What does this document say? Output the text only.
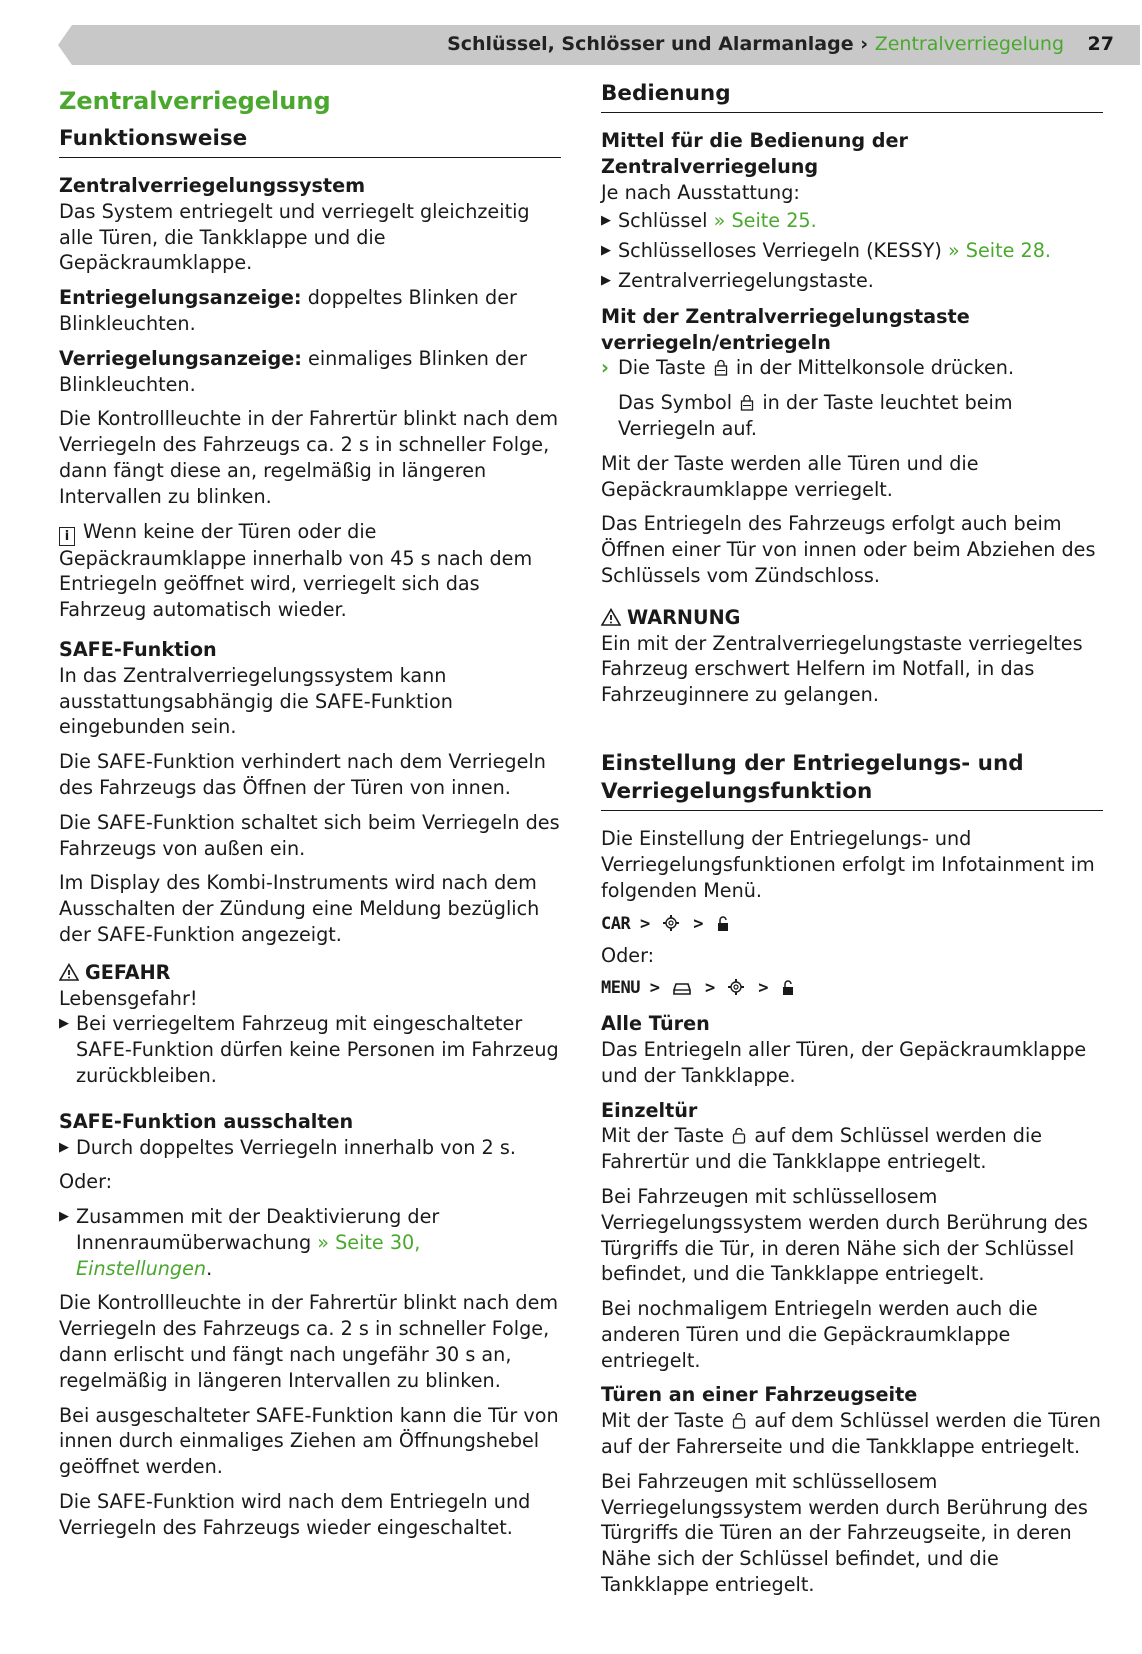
Schlüssel, Schlösser und Alarmanlage › Zentralverriegelung 27
Zentralverriegelung
Funktionsweise
Zentralverriegelungssystem

Das System entriegelt und verriegelt gleichzeitig alle Türen, die Tankklappe und die Gepäckraumklappe.

Entriegelungsanzeige: doppeltes Blinken der Blinkleuchten.

Verriegelungsanzeige: einmaliges Blinken der Blinkleuchten.

Die Kontrollleuchte in der Fahrertür blinkt nach dem Verriegeln des Fahrzeugs ca. 2 s in schneller Folge, dann fängt diese an, regelmäßig in längeren Intervallen zu blinken.

i Wenn keine der Türen oder die Gepäckraumklappe innerhalb von 45 s nach dem Entriegeln geöffnet wird, verriegelt sich das Fahrzeug automatisch wieder.

SAFE-Funktion

In das Zentralverriegelungssystem kann ausstattungsabhängig die SAFE-Funktion eingebunden sein.

Die SAFE-Funktion verhindert nach dem Verriegeln des Fahrzeugs das Öffnen der Türen von innen.

Die SAFE-Funktion schaltet sich beim Verriegeln des Fahrzeugs von außen ein.

Im Display des Kombi-Instruments wird nach dem Ausschalten der Zündung eine Meldung bezüglich der SAFE-Funktion angezeigt.

GEFAHR

Lebensgefahr!

▶ Bei verriegeltem Fahrzeug mit eingeschalteter SAFE-Funktion dürfen keine Personen im Fahrzeug zurückbleiben.
SAFE-Funktion ausschalten
▶ Durch doppeltes Verriegeln innerhalb von 2 s.

Oder:

▶ Zusammen mit der Deaktivierung der Innenraumüberwachung » Seite 30, Einstellungen.

Die Kontrollleuchte in der Fahrertür blinkt nach dem Verriegeln des Fahrzeugs ca. 2 s in schneller Folge, dann erlischt und fängt nach ungefähr 30 s an, regelmäßig in längeren Intervallen zu blinken.

Bei ausgeschalteter SAFE-Funktion kann die Tür von innen durch einmaliges Ziehen am Öffnungshebel geöffnet werden.

Die SAFE-Funktion wird nach dem Entriegeln und Verriegeln des Fahrzeugs wieder eingeschaltet.

Bedienung
Mittel für die Bedienung der Zentralverriegelung

Je nach Ausstattung:

▶ Schlüssel » Seite 25.
▶ Schlüsselloses Verriegeln (KESSY) » Seite 28.
▶ Zentralverriegelungstaste.
Mit der Zentralverriegelungstaste verriegeln/entriegeln
› Die Taste in der Mittelkonsole drücken.

Das Symbol in der Taste leuchtet beim Verriegeln auf.

Mit der Taste werden alle Türen und die Gepäckraumklappe verriegelt.

Das Entriegeln des Fahrzeugs erfolgt auch beim Öffnen einer Tür von innen oder beim Abziehen des Schlüssels vom Zündschloss.

WARNUNG

Ein mit der Zentralverriegelungstaste verriegeltes Fahrzeug erschwert Helfern im Notfall, in das Fahrzeuginnere zu gelangen.

Einstellung der Entriegelungs- und Verriegelungsfunktion

Die Einstellung der Entriegelungs- und Verriegelungsfunktionen erfolgt im Infotainment im folgenden Menü.

CAR >	>

Oder:

MENU >	>	>
Alle Türen

Das Entriegeln aller Türen, der Gepäckraumklappe und der Tankklappe.

Einzeltür

Mit der Taste auf dem Schlüssel werden die Fahrertür und die Tankklappe entriegelt.

Bei Fahrzeugen mit schlüssellosem Verriegelungssystem werden durch Berührung des Türgriffs die Tür, in deren Nähe sich der Schlüssel befindet, und die Tankklappe entriegelt.

Bei nochmaligem Entriegeln werden auch die anderen Türen und die Gepäckraumklappe entriegelt.

Türen an einer Fahrzeugseite

Mit der Taste auf dem Schlüssel werden die Türen auf der Fahrerseite und die Tankklappe entriegelt.

Bei Fahrzeugen mit schlüssellosem Verriegelungssystem werden durch Berührung des Türgriffs die Türen an der Fahrzeugseite, in deren Nähe sich der Schlüssel befindet, und die Tankklappe entriegelt.
